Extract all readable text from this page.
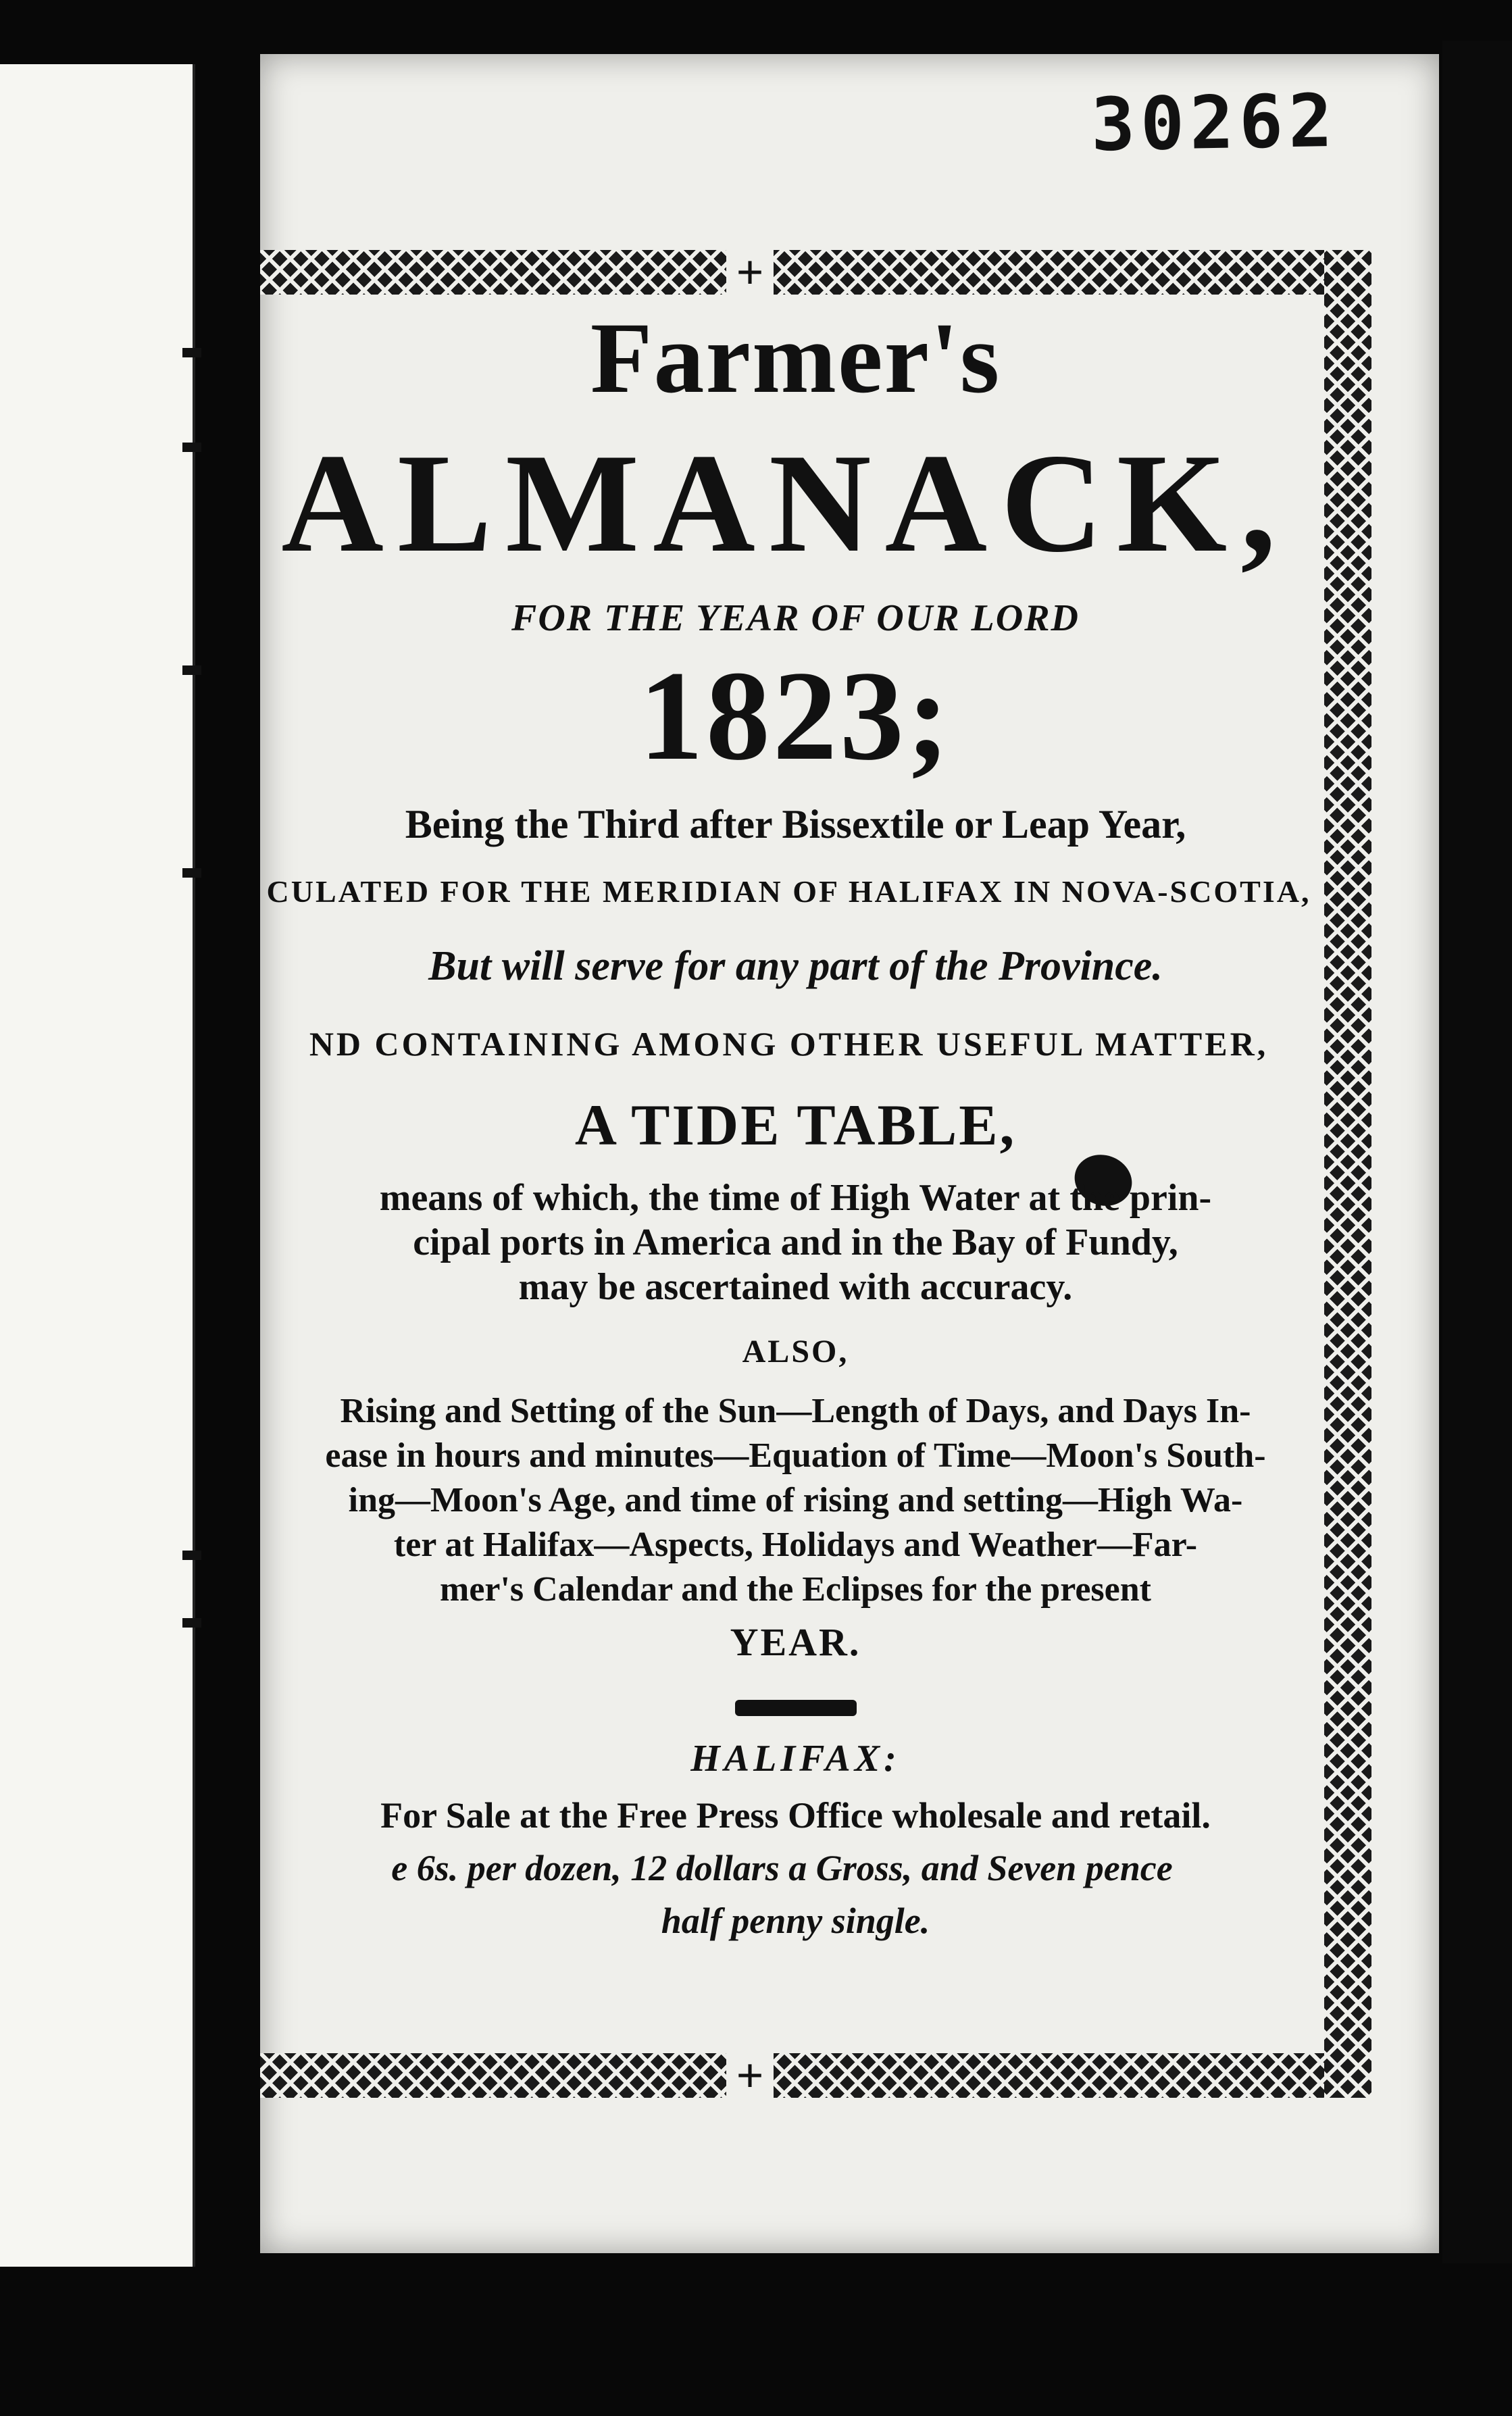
30262
+
+
Farmer's
ALMANACK,
FOR THE YEAR OF OUR LORD
1823;
Being the Third after Bissextile or Leap Year,
CULATED FOR THE MERIDIAN OF HALIFAX IN NOVA-SCOTIA,
But will serve for any part of the Province.
ND CONTAINING AMONG OTHER USEFUL MATTER,
A TIDE TABLE,
means of which, the time of High Water at the prin-
cipal ports in America and in the Bay of Fundy,
may be ascertained with accuracy.
ALSO,
Rising and Setting of the Sun—Length of Days, and Days In-
ease in hours and minutes—Equation of Time—Moon's South-
ing—Moon's Age, and time of rising and setting—High Wa-
ter at Halifax—Aspects, Holidays and Weather—Far-
mer's Calendar and the Eclipses for the present
YEAR.
HALIFAX:
For Sale at the Free Press Office wholesale and retail.
e 6s. per dozen, 12 dollars a Gross, and Seven pence
half penny single.
